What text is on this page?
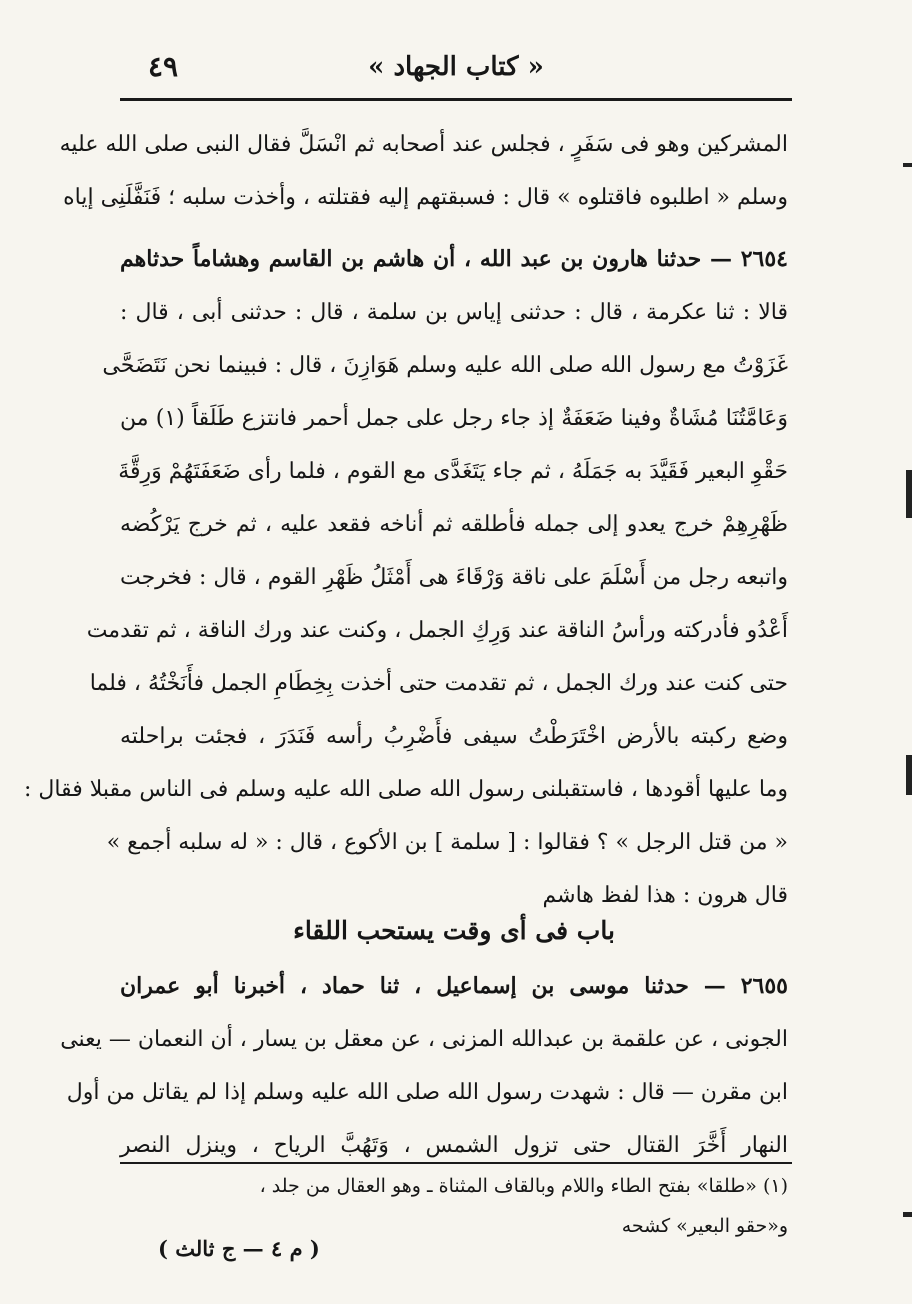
٤٩	« كتاب الجهاد »
المشركين وهو فى سَفَرٍ ، فجلس عند أصحابه ثم انْسَلَّ فقال النبى صلى الله عليه
وسلم « اطلبوه فاقتلوه » قال : فسبقتهم إليه فقتلته ، وأخذت سلبه ؛ فَنَفَّلَنِى إياه
٢٦٥٤ — حدثنا هارون بن عبد الله ، أن هاشم بن القاسم وهشاماً حدثاهم
قالا : ثنا عكرمة ، قال : حدثنى إياس بن سلمة ، قال : حدثنى أبى ، قال :
غَزَوْتُ مع رسول الله صلى الله عليه وسلم هَوَازِنَ ، قال : فبينما نحن نَتَضَحَّى
وَعَامَّتُنَا مُشَاةٌ وفينا ضَعَفَةٌ إذ جاء رجل على جمل أحمر فانتزع طَلَقاً (١) من
حَقْوِ البعير فَقَيَّدَ به جَمَلَهُ ، ثم جاء يَتَغَدَّى مع القوم ، فلما رأى ضَعَفَتَهُمْ وَرِقَّةَ
ظَهْرِهِمْ خرج يعدو إلى جمله فأطلقه ثم أناخه فقعد عليه ، ثم خرج يَرْكُضه
واتبعه رجل من أَسْلَمَ على ناقة وَرْقَاءَ هى أَمْثَلُ ظَهْرِ القوم ، قال : فخرجت
أَعْدُو فأدركته ورأسُ الناقة عند وَرِكِ الجمل ، وكنت عند ورك الناقة ، ثم تقدمت
حتى كنت عند ورك الجمل ، ثم تقدمت حتى أخذت بِخِطَامِ الجمل فأَنَخْتُهُ ، فلما
وضع ركبته بالأرض اخْتَرَطْتُ سيفى فأَضْرِبُ رأسه فَنَدَرَ ، فجئت براحلته
وما عليها أقودها ، فاستقبلنى رسول الله صلى الله عليه وسلم فى الناس مقبلا فقال :
« من قتل الرجل » ؟ فقالوا : [ سلمة ] بن الأكوع ، قال : « له سلبه أجمع »
قال هرون : هذا لفظ هاشم
باب فى أى وقت يستحب اللقاء
٢٦٥٥ — حدثنا موسى بن إسماعيل ، ثنا حماد ، أخبرنا أبو عمران
الجونى ، عن علقمة بن عبدالله المزنى ، عن معقل بن يسار ، أن النعمان — يعنى
ابن مقرن — قال : شهدت رسول الله صلى الله عليه وسلم إذا لم يقاتل من أول
النهار أَخَّرَ القتال حتى تزول الشمس ، وَتَهُبَّ الرياح ، وينزل النصر
(١) «طلقا» بفتح الطاء واللام وبالقاف المثناة ـ وهو العقال من جلد ،
و«حقو البعير» كشحه
( م ٤ — ج ثالث )
